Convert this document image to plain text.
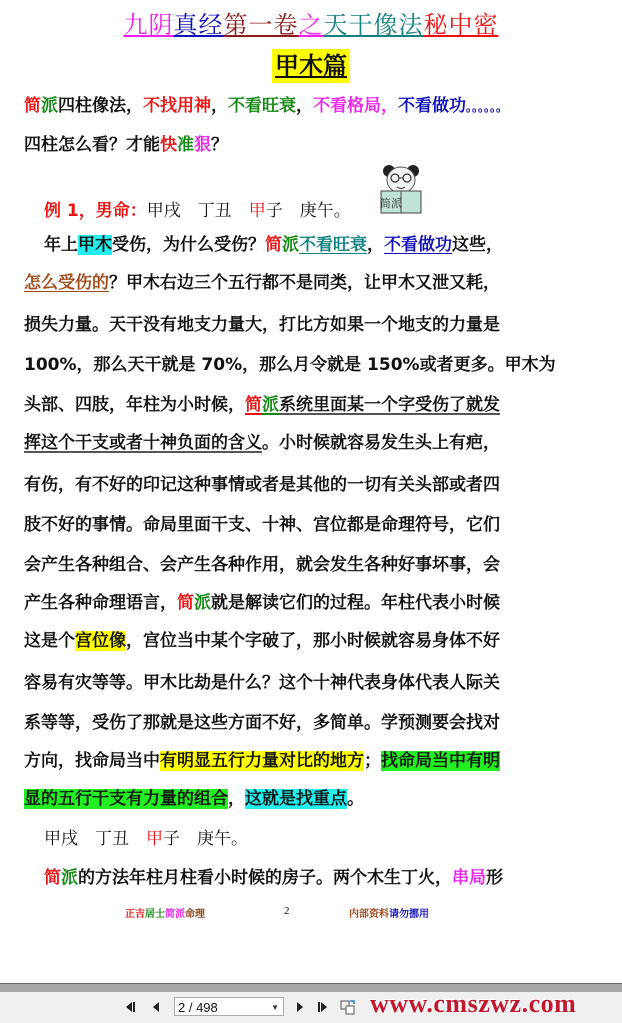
九阴真经第一卷之天干像法秘中密
甲木篇
简派四柱像法，不找用神，不看旺衰，不看格局，不看做功。。。。。。
四柱怎么看？才能快准狠？
例 1，男命：甲戌　丁丑　甲子　庚午。	简派
年上甲木受伤，为什么受伤？简派不看旺衰，不看做功这些，
怎么受伤的？甲木右边三个五行都不是同类，让甲木又泄又耗，
损失力量。天干没有地支力量大，打比方如果一个地支的力量是
100%，那么天干就是 70%，那么月令就是 150%或者更多。甲木为
头部、四肢，年柱为小时候，简派系统里面某一个字受伤了就发
挥这个干支或者十神负面的含义。小时候就容易发生头上有疤，
有伤，有不好的印记这种事情或者是其他的一切有关头部或者四
肢不好的事情。命局里面干支、十神、宫位都是命理符号，它们
会产生各种组合、会产生各种作用，就会发生各种好事坏事，会
产生各种命理语言，简派就是解读它们的过程。年柱代表小时候
这是个宫位像，宫位当中某个字破了，那小时候就容易身体不好
容易有灾等等。甲木比劫是什么？这个十神代表身体代表人际关
系等等，受伤了那就是这些方面不好，多简单。学预测要会找对
方向，找命局当中有明显五行力量对比的地方；找命局当中有明
显的五行干支有力量的组合，这就是找重点。
甲戌　丁丑　甲子　庚午。
简派的方法年柱月柱看小时候的房子。两个木生丁火，串局形
正吉居士简派命理	2	内部资料请勿挪用
2 / 498	▼	www.cmszwz.com
